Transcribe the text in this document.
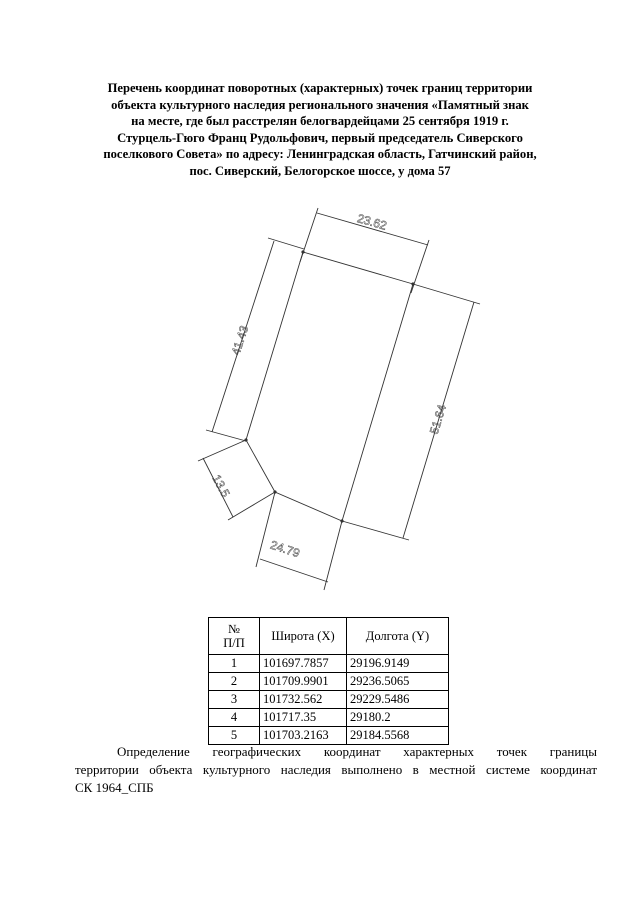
Перечень координат поворотных (характерных) точек границ территории
объекта культурного наследия регионального значения «Памятный знак
на месте, где был расстрелян белогвардейцами 25 сентября 1919 г.
Стурцель-Гюго Франц Рудольфович, первый председатель Сиверского
поселкового Совета» по адресу: Ленинградская область, Гатчинский район,
пос. Сиверский, Белогорское шоссе, у дома 57
23.62
41.43
51.64
13.5
24.79
№
П/П	Широта (X)	Долгота (Y)
1	101697.7857	29196.9149
2	101709.9901	29236.5065
3	101732.562	29229.5486
4	101717.35	29180.2
5	101703.2163	29184.5568
Определение географических координат характерных точек границы
территории объекта культурного наследия выполнено в местной системе координат
СК 1964_СПБ
